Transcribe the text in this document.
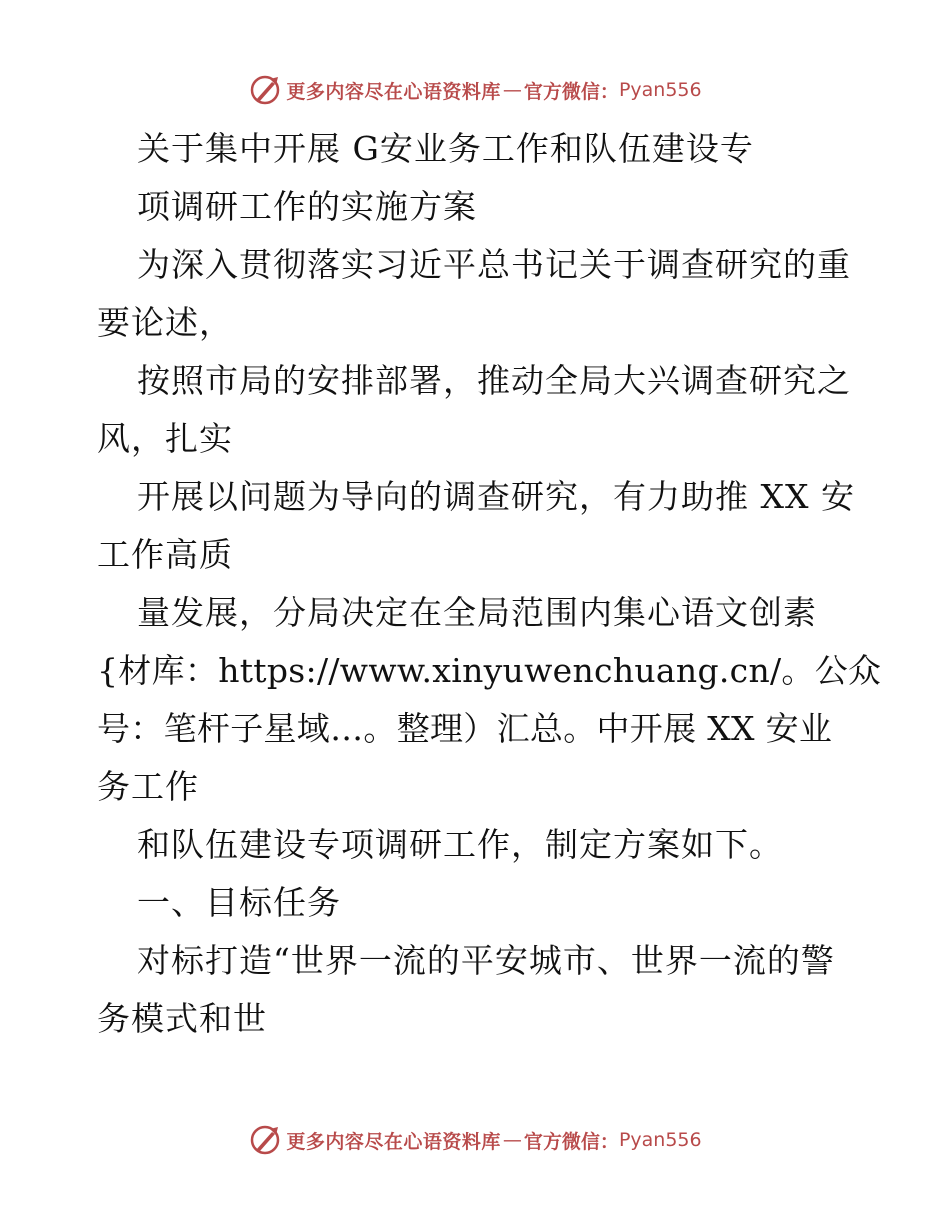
更多内容尽在心语资料库 — 官方微信： Pyan556
关于集中开展 G安业务工作和队伍建设专
项调研工作的实施方案
为深入贯彻落实习近平总书记关于调查研究的重
要论述，
按照市局的安排部署，推动全局大兴调查研究之
风，扎实
开展以问题为导向的调查研究，有力助推 XX 安
工作高质
量发展，分局决定在全局范围内集心语文创素
{材库：https://www.xinyuwenchuang.cn/。公众
号：笔杆子星域…。整理）汇总。中开展 XX 安业
务工作
和队伍建设专项调研工作，制定方案如下。
一、目标任务
对标打造“世界一流的平安城市、世界一流的警
务模式和世
更多内容尽在心语资料库 — 官方微信： Pyan556
